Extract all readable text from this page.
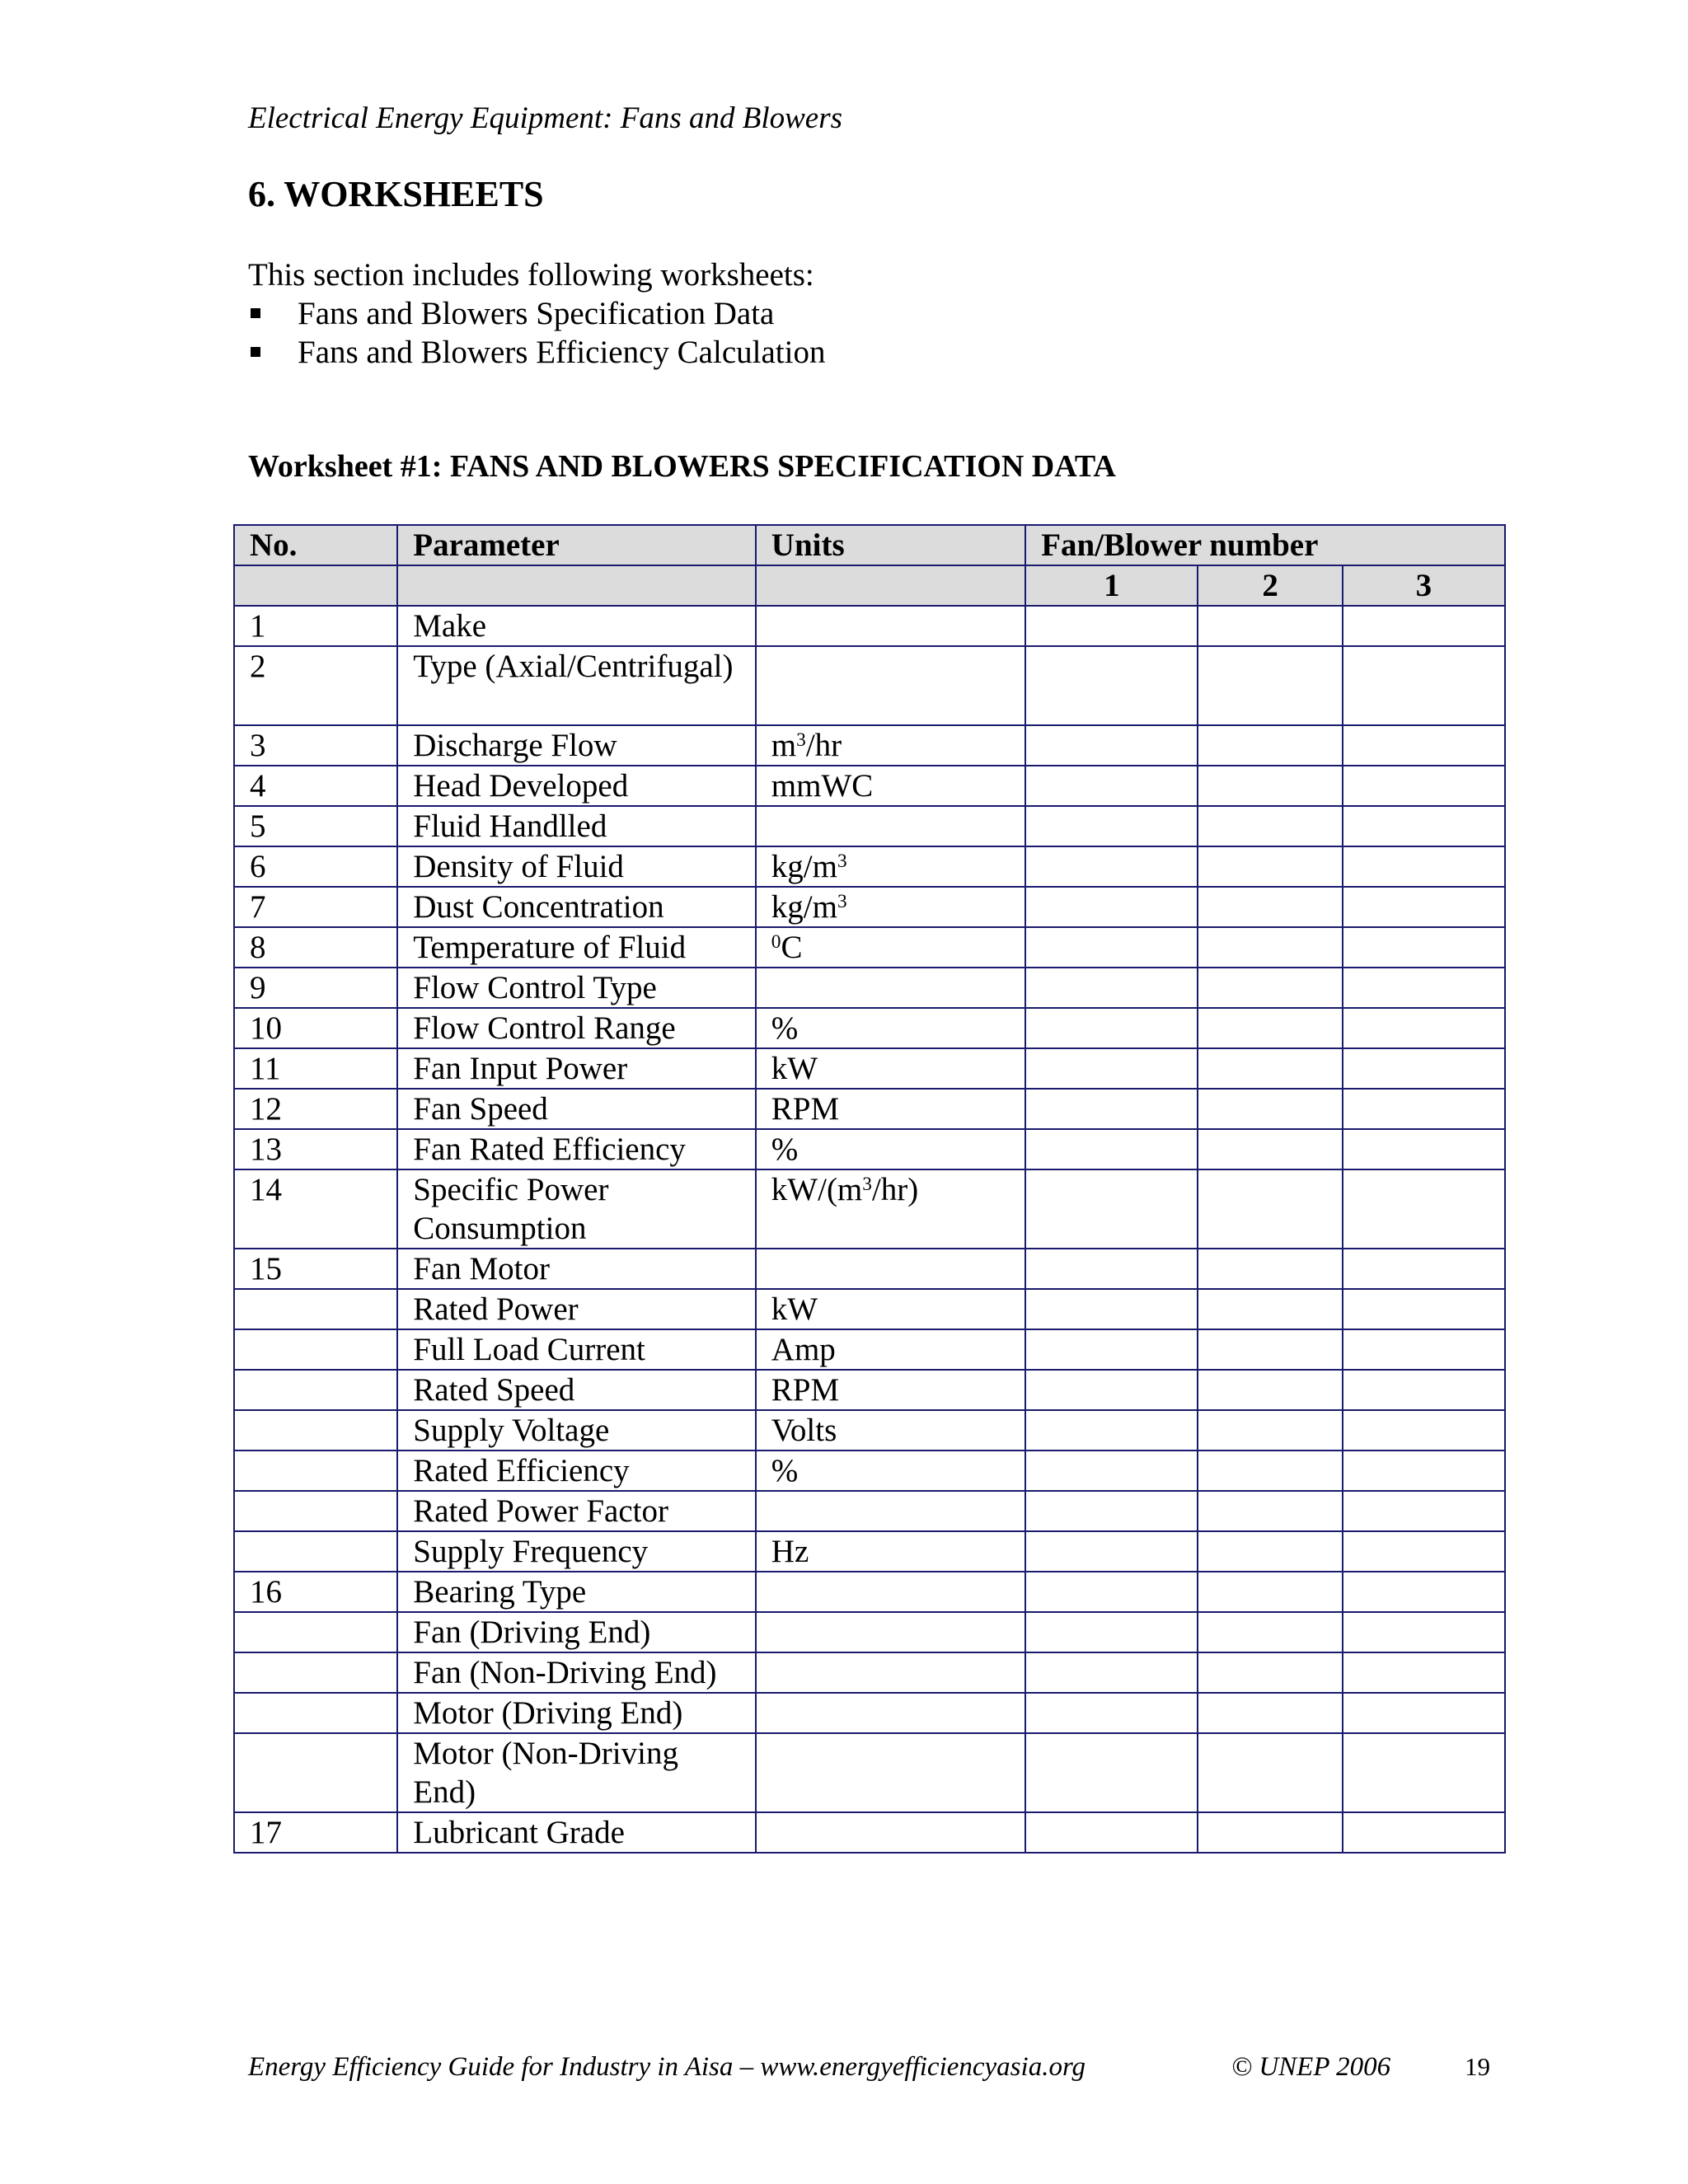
Electrical Energy Equipment: Fans and Blowers
6. WORKSHEETS
This section includes following worksheets:
Fans and Blowers Specification Data
Fans and Blowers Efficiency Calculation
Worksheet #1: FANS AND BLOWERS SPECIFICATION DATA
No.	Parameter	Units	Fan/Blower number		
			1	2	3
1	Make				
2	Type (Axial/Centrifugal)				
3	Discharge Flow	$m^3/hr$			
4	Head Developed	mmWC			
5	Fluid Handlled				
6	Density of Fluid	$kg/m^3$			
7	Dust Concentration	$kg/m^3$			
8	Temperature of Fluid	$^0$C			
9	Flow Control Type				
10	Flow Control Range	%			
11	Fan Input Power	kW			
12	Fan Speed	RPM			
13	Fan Rated Efficiency	%			
14	Specific Power Consumption	$kW/(m^3/hr)$			
15	Fan Motor				
	Rated Power	kW			
	Full Load Current	Amp			
	Rated Speed	RPM			
	Supply Voltage	Volts			
	Rated Efficiency	%			
	Rated Power Factor				
	Supply Frequency	Hz			
16	Bearing Type				
	Fan (Driving End)				
	Fan (Non-Driving End)				
	Motor (Driving End)				
	Motor (Non-Driving End)				
17	Lubricant Grade				
Energy Efficiency Guide for Industry in Aisa – www.energyefficiencyasia.org	© UNEP 2006	19
